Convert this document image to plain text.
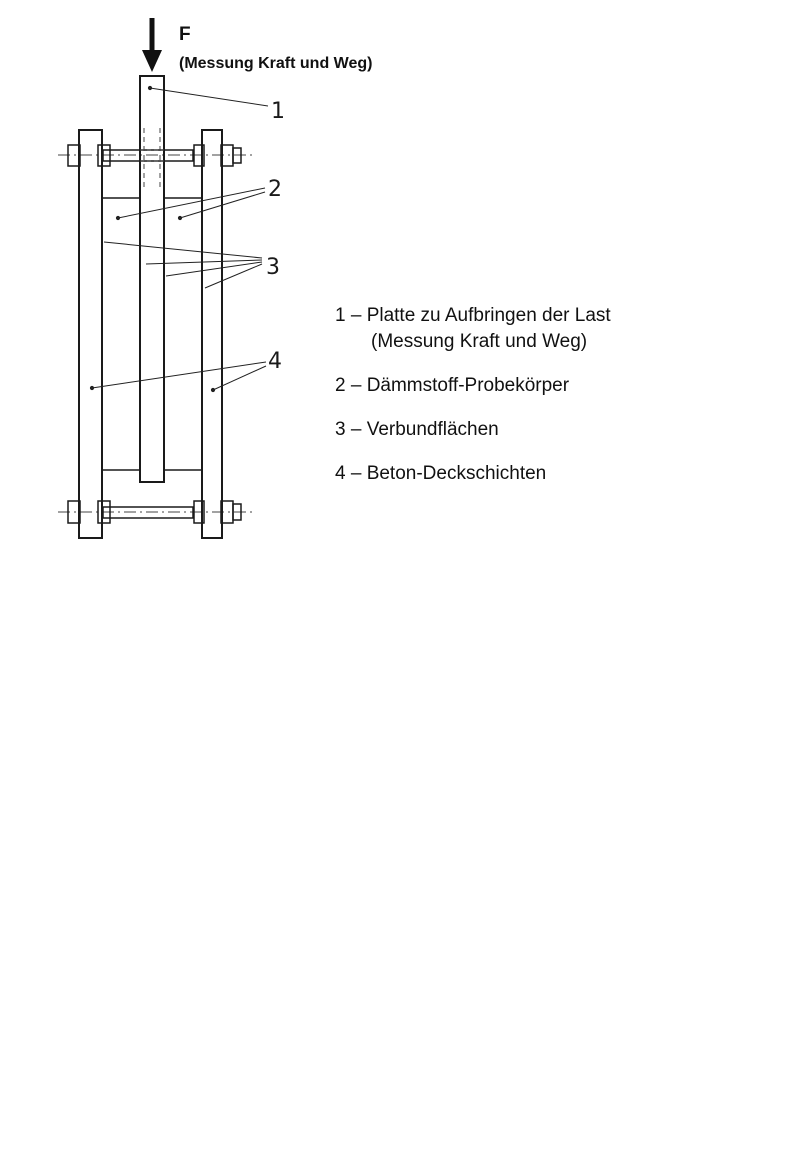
F
(Messung Kraft und Weg)
1
2
3
4
1 – Platte zu Aufbringen der Last
(Messung Kraft und Weg)
2 – Dämmstoff-Probekörper
3 – Verbundflächen
4 – Beton-Deckschichten
